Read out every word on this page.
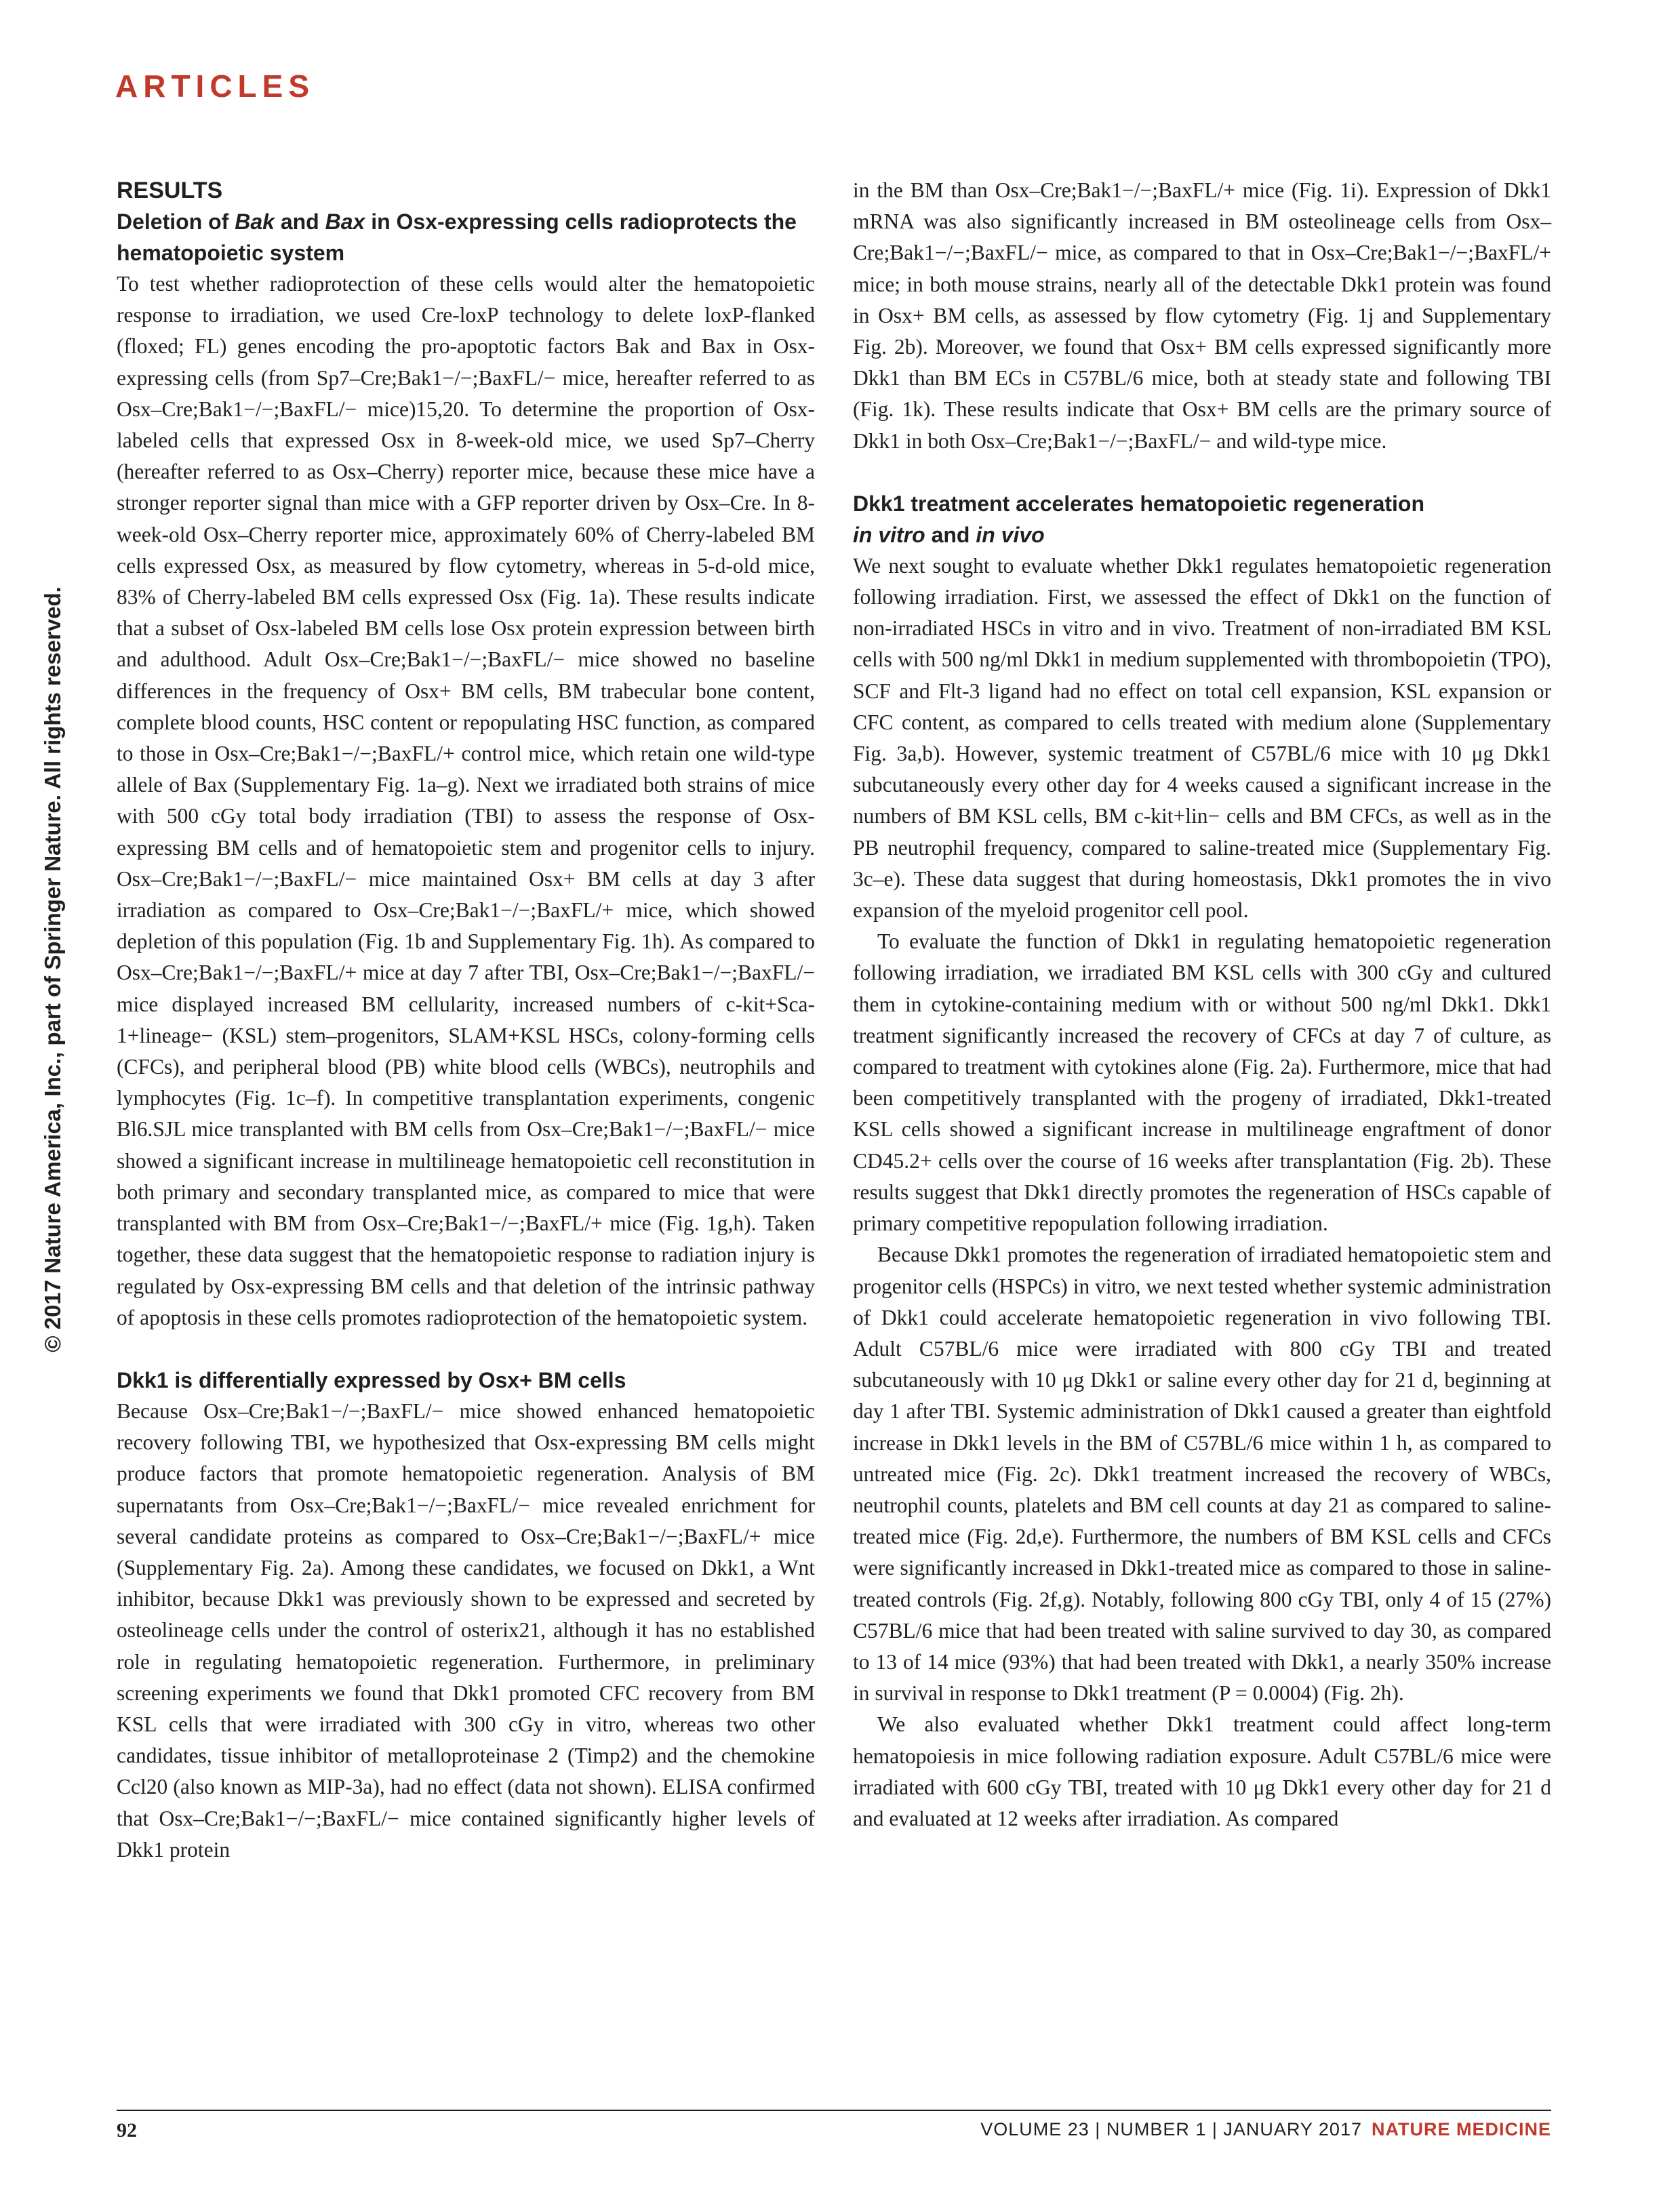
ARTICLES
© 2017 Nature America, Inc., part of Springer Nature. All rights reserved.
RESULTS
Deletion of Bak and Bax in Osx-expressing cells radioprotects the hematopoietic system

To test whether radioprotection of these cells would alter the hematopoietic response to irradiation, we used Cre-loxP technology to delete loxP-flanked (floxed; FL) genes encoding the pro-apoptotic factors Bak and Bax in Osx-expressing cells (from Sp7–Cre;Bak1−/−;BaxFL/− mice, hereafter referred to as Osx–Cre;Bak1−/−;BaxFL/− mice)15,20. To determine the proportion of Osx-labeled cells that expressed Osx in 8-week-old mice, we used Sp7–Cherry (hereafter referred to as Osx–Cherry) reporter mice, because these mice have a stronger reporter signal than mice with a GFP reporter driven by Osx–Cre. In 8-week-old Osx–Cherry reporter mice, approximately 60% of Cherry-labeled BM cells expressed Osx, as measured by flow cytometry, whereas in 5-d-old mice, 83% of Cherry-labeled BM cells expressed Osx (Fig. 1a). These results indicate that a subset of Osx-labeled BM cells lose Osx protein expression between birth and adulthood. Adult Osx–Cre;Bak1−/−;BaxFL/− mice showed no baseline differences in the frequency of Osx+ BM cells, BM trabecular bone content, complete blood counts, HSC content or repopulating HSC function, as compared to those in Osx–Cre;Bak1−/−;BaxFL/+ control mice, which retain one wild-type allele of Bax (Supplementary Fig. 1a–g). Next we irradiated both strains of mice with 500 cGy total body irradiation (TBI) to assess the response of Osx-expressing BM cells and of hematopoietic stem and progenitor cells to injury. Osx–Cre;Bak1−/−;BaxFL/− mice maintained Osx+ BM cells at day 3 after irradiation as compared to Osx–Cre;Bak1−/−;BaxFL/+ mice, which showed depletion of this population (Fig. 1b and Supplementary Fig. 1h). As compared to Osx–Cre;Bak1−/−;BaxFL/+ mice at day 7 after TBI, Osx–Cre;Bak1−/−;BaxFL/− mice displayed increased BM cellularity, increased numbers of c-kit+Sca-1+lineage− (KSL) stem–progenitors, SLAM+KSL HSCs, colony-forming cells (CFCs), and peripheral blood (PB) white blood cells (WBCs), neutrophils and lymphocytes (Fig. 1c–f). In competitive transplantation experiments, congenic Bl6.SJL mice transplanted with BM cells from Osx–Cre;Bak1−/−;BaxFL/− mice showed a significant increase in multilineage hematopoietic cell reconstitution in both primary and secondary transplanted mice, as compared to mice that were transplanted with BM from Osx–Cre;Bak1−/−;BaxFL/+ mice (Fig. 1g,h). Taken together, these data suggest that the hematopoietic response to radiation injury is regulated by Osx-expressing BM cells and that deletion of the intrinsic pathway of apoptosis in these cells promotes radioprotection of the hematopoietic system.

Dkk1 is differentially expressed by Osx+ BM cells

Because Osx–Cre;Bak1−/−;BaxFL/− mice showed enhanced hematopoietic recovery following TBI, we hypothesized that Osx-expressing BM cells might produce factors that promote hematopoietic regeneration. Analysis of BM supernatants from Osx–Cre;Bak1−/−;BaxFL/− mice revealed enrichment for several candidate proteins as compared to Osx–Cre;Bak1−/−;BaxFL/+ mice (Supplementary Fig. 2a). Among these candidates, we focused on Dkk1, a Wnt inhibitor, because Dkk1 was previously shown to be expressed and secreted by osteolineage cells under the control of osterix21, although it has no established role in regulating hematopoietic regeneration. Furthermore, in preliminary screening experiments we found that Dkk1 promoted CFC recovery from BM KSL cells that were irradiated with 300 cGy in vitro, whereas two other candidates, tissue inhibitor of metalloproteinase 2 (Timp2) and the chemokine Ccl20 (also known as MIP-3a), had no effect (data not shown). ELISA confirmed that Osx–Cre;Bak1−/−;BaxFL/− mice contained significantly higher levels of Dkk1 protein

in the BM than Osx–Cre;Bak1−/−;BaxFL/+ mice (Fig. 1i). Expression of Dkk1 mRNA was also significantly increased in BM osteolineage cells from Osx–Cre;Bak1−/−;BaxFL/− mice, as compared to that in Osx–Cre;Bak1−/−;BaxFL/+ mice; in both mouse strains, nearly all of the detectable Dkk1 protein was found in Osx+ BM cells, as assessed by flow cytometry (Fig. 1j and Supplementary Fig. 2b). Moreover, we found that Osx+ BM cells expressed significantly more Dkk1 than BM ECs in C57BL/6 mice, both at steady state and following TBI (Fig. 1k). These results indicate that Osx+ BM cells are the primary source of Dkk1 in both Osx–Cre;Bak1−/−;BaxFL/− and wild-type mice.

Dkk1 treatment accelerates hematopoietic regeneration
in vitro and in vivo

We next sought to evaluate whether Dkk1 regulates hematopoietic regeneration following irradiation. First, we assessed the effect of Dkk1 on the function of non-irradiated HSCs in vitro and in vivo. Treatment of non-irradiated BM KSL cells with 500 ng/ml Dkk1 in medium supplemented with thrombopoietin (TPO), SCF and Flt-3 ligand had no effect on total cell expansion, KSL expansion or CFC content, as compared to cells treated with medium alone (Supplementary Fig. 3a,b). However, systemic treatment of C57BL/6 mice with 10 μg Dkk1 subcutaneously every other day for 4 weeks caused a significant increase in the numbers of BM KSL cells, BM c-kit+lin− cells and BM CFCs, as well as in the PB neutrophil frequency, compared to saline-treated mice (Supplementary Fig. 3c–e). These data suggest that during homeostasis, Dkk1 promotes the in vivo expansion of the myeloid progenitor cell pool.

To evaluate the function of Dkk1 in regulating hematopoietic regeneration following irradiation, we irradiated BM KSL cells with 300 cGy and cultured them in cytokine-containing medium with or without 500 ng/ml Dkk1. Dkk1 treatment significantly increased the recovery of CFCs at day 7 of culture, as compared to treatment with cytokines alone (Fig. 2a). Furthermore, mice that had been competitively transplanted with the progeny of irradiated, Dkk1-treated KSL cells showed a significant increase in multilineage engraftment of donor CD45.2+ cells over the course of 16 weeks after transplantation (Fig. 2b). These results suggest that Dkk1 directly promotes the regeneration of HSCs capable of primary competitive repopulation following irradiation.

Because Dkk1 promotes the regeneration of irradiated hematopoietic stem and progenitor cells (HSPCs) in vitro, we next tested whether systemic administration of Dkk1 could accelerate hematopoietic regeneration in vivo following TBI. Adult C57BL/6 mice were irradiated with 800 cGy TBI and treated subcutaneously with 10 μg Dkk1 or saline every other day for 21 d, beginning at day 1 after TBI. Systemic administration of Dkk1 caused a greater than eightfold increase in Dkk1 levels in the BM of C57BL/6 mice within 1 h, as compared to untreated mice (Fig. 2c). Dkk1 treatment increased the recovery of WBCs, neutrophil counts, platelets and BM cell counts at day 21 as compared to saline-treated mice (Fig. 2d,e). Furthermore, the numbers of BM KSL cells and CFCs were significantly increased in Dkk1-treated mice as compared to those in saline-treated controls (Fig. 2f,g). Notably, following 800 cGy TBI, only 4 of 15 (27%) C57BL/6 mice that had been treated with saline survived to day 30, as compared to 13 of 14 mice (93%) that had been treated with Dkk1, a nearly 350% increase in survival in response to Dkk1 treatment (P = 0.0004) (Fig. 2h).

We also evaluated whether Dkk1 treatment could affect long-term hematopoiesis in mice following radiation exposure. Adult C57BL/6 mice were irradiated with 600 cGy TBI, treated with 10 μg Dkk1 every other day for 21 d and evaluated at 12 weeks after irradiation. As compared

92	VOLUME 23 | NUMBER 1 | JANUARY 2017 NATURE MEDICINE
